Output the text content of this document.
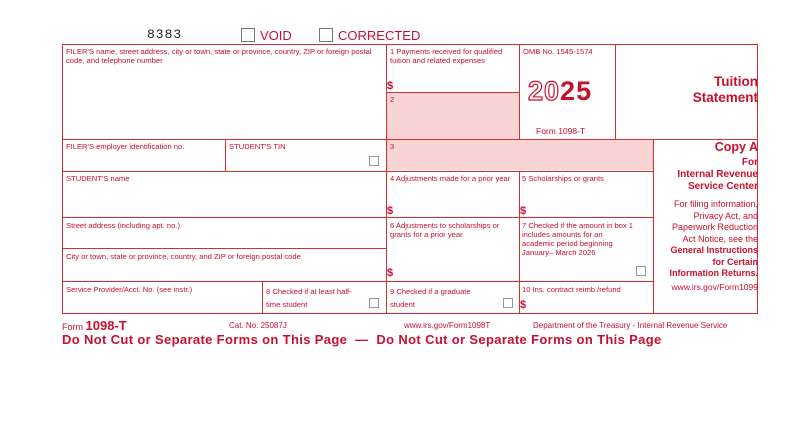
8383	VOID	CORRECTED
FILER'S name, street address, city or town, state or province, country, ZIP or foreign postal code, and telephone number
1 Payments received for qualified tuition and related expenses
$
OMB No. 1545-1574
2025
Form 1098-T
2
FILER'S employer identification no.	STUDENT'S TIN	3
STUDENT'S name	4 Adjustments made for a prior year
$
5 Scholarships or grants
$
Street address (including apt. no.)	6 Adjustments to scholarships or grants for a prior year
$
7 Checked if the amount in box 1 includes amounts for an academic period beginning January– March 2026
City or town, state or province, country, and ZIP or foreign postal code
Service Provider/Acct. No. (see instr.)	8 Checked if at least half-time student
9 Checked if a graduate student
10 Ins. contract reimb./refund
$
Tuition
Statement
Copy A
For
Internal Revenue
Service Center
For filing information,
Privacy Act, and
Paperwork Reduction
Act Notice, see the
General Instructions
for Certain
Information Returns.
www.irs.gov/Form1099
Form 1098-T	Cat. No. 25087J	www.irs.gov/Form1098T	Department of the Treasury - Internal Revenue Service
Do Not Cut or Separate Forms on This Page  —  Do Not Cut or Separate Forms on This Page
